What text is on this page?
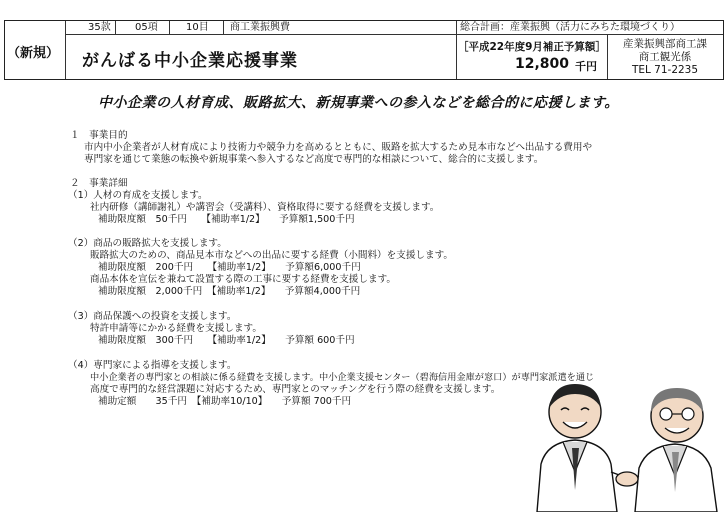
35款 05項	10目 商工業振興費	総合計画：産業振興（活力にみちた環境づくり）
（新規） がんばる中小企業応援事業
［平成22年度9月補正予算額］
12,800 千円
産業振興部商工課
商工観光係
TEL 71-2235
中小企業の人材育成、販路拡大、新規事業への参入などを総合的に応援します。
１　事業目的
市内中小企業者が人材育成により技術力や競争力を高めるとともに、販路を拡大するため見本市などへ出品する費用や
専門家を通じて業態の転換や新規事業へ参入するなど高度で専門的な相談について、総合的に支援します。
２　事業詳細
（1）人材の育成を支援します。
社内研修（講師謝礼）や講習会（受講料）、資格取得に要する経費を支援します。
補助限度額　50千円　　【補助率1/2】　　予算額1,500千円
（2）商品の販路拡大を支援します。
販路拡大のための、商品見本市などへの出品に要する経費（小間料）を支援します。
補助限度額　200千円　　【補助率1/2】　　予算額6,000千円
商品本体を宣伝を兼ねて設置する際の工事に要する経費を支援します。
補助限度額　2,000千円　【補助率1/2】　　予算額4,000千円
（3）商品保護への投資を支援します。
特許申請等にかかる経費を支援します。
補助限度額　300千円　　【補助率1/2】　　予算額 600千円
（4）専門家による指導を支援します。
中小企業者の専門家との相談に係る経費を支援します。中小企業支援センター（碧海信用金庫が窓口）が専門家派遣を通じ
高度で専門的な経営課題に対応するため、専門家とのマッチングを行う際の経費を支援します。
補助定額　　35千円　【補助率10/10】　　予算額 700千円
